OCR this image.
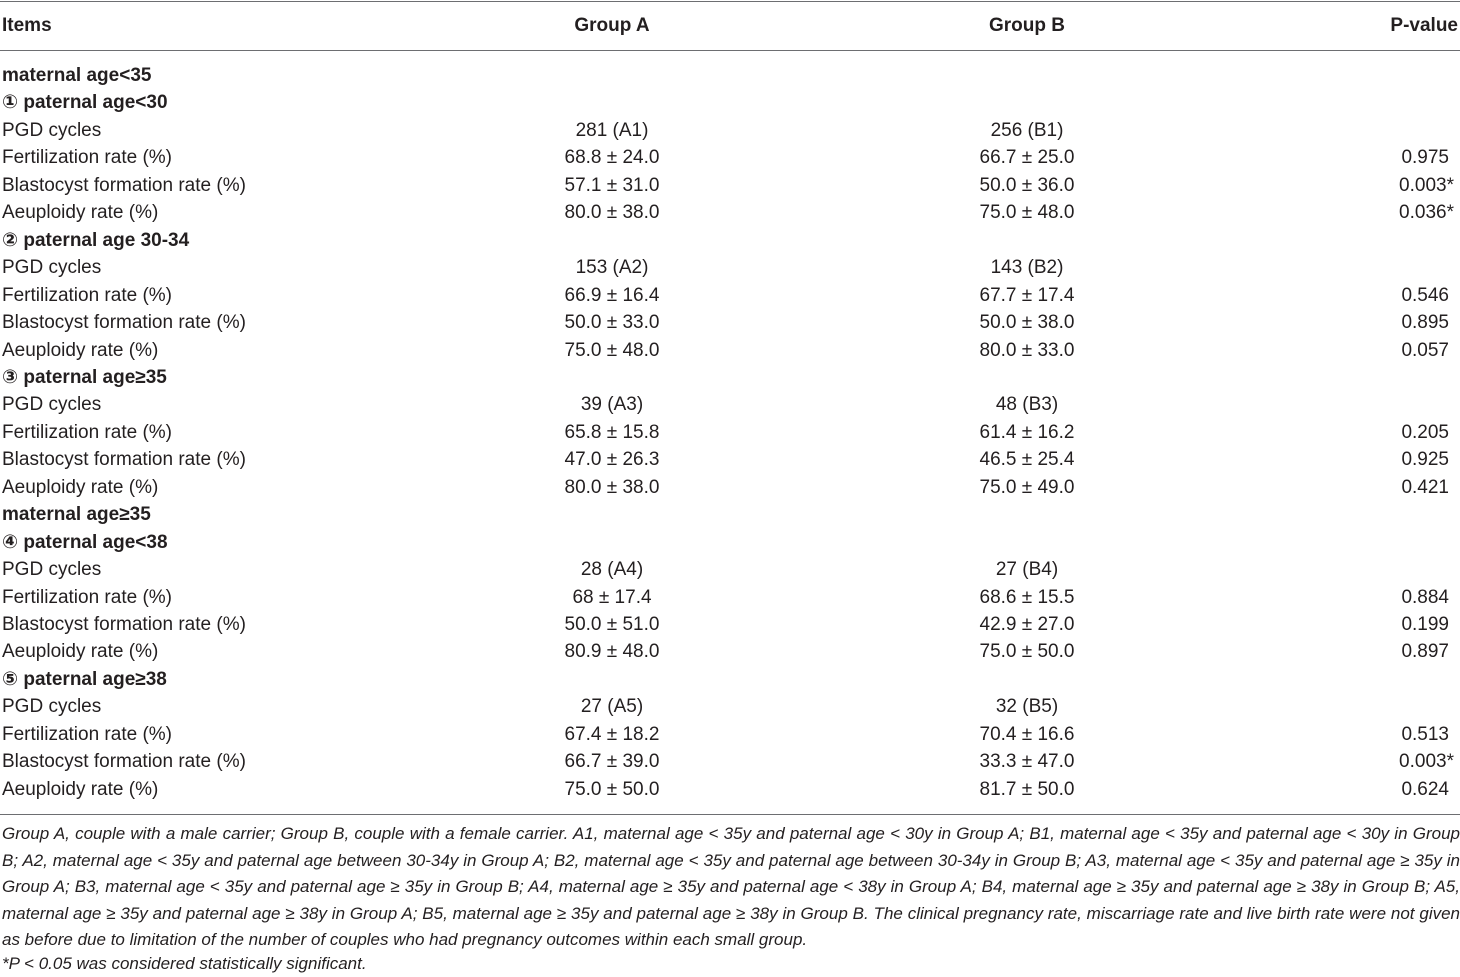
Items	Group A	Group B	P-value
maternal age<35
① paternal age<30
PGD cycles	281 (A1)	256 (B1)
Fertilization rate (%)	68.8 ± 24.0	66.7 ± 25.0	0.975
Blastocyst formation rate (%)	57.1 ± 31.0	50.0 ± 36.0	0.003*
Aeuploidy rate (%)	80.0 ± 38.0	75.0 ± 48.0	0.036*
② paternal age 30-34
PGD cycles	153 (A2)	143 (B2)
Fertilization rate (%)	66.9 ± 16.4	67.7 ± 17.4	0.546
Blastocyst formation rate (%)	50.0 ± 33.0	50.0 ± 38.0	0.895
Aeuploidy rate (%)	75.0 ± 48.0	80.0 ± 33.0	0.057
③ paternal age≥35
PGD cycles	39 (A3)	48 (B3)
Fertilization rate (%)	65.8 ± 15.8	61.4 ± 16.2	0.205
Blastocyst formation rate (%)	47.0 ± 26.3	46.5 ± 25.4	0.925
Aeuploidy rate (%)	80.0 ± 38.0	75.0 ± 49.0	0.421
maternal age≥35
④ paternal age<38
PGD cycles	28 (A4)	27 (B4)
Fertilization rate (%)	68 ± 17.4	68.6 ± 15.5	0.884
Blastocyst formation rate (%)	50.0 ± 51.0	42.9 ± 27.0	0.199
Aeuploidy rate (%)	80.9 ± 48.0	75.0 ± 50.0	0.897
⑤ paternal age≥38
PGD cycles	27 (A5)	32 (B5)
Fertilization rate (%)	67.4 ± 18.2	70.4 ± 16.6	0.513
Blastocyst formation rate (%)	66.7 ± 39.0	33.3 ± 47.0	0.003*
Aeuploidy rate (%)	75.0 ± 50.0	81.7 ± 50.0	0.624
Group A, couple with a male carrier; Group B, couple with a female carrier. A1, maternal age < 35y and paternal age < 30y in Group A; B1, maternal age < 35y and paternal age < 30y in Group B; A2, maternal age < 35y and paternal age between 30-34y in Group A; B2, maternal age < 35y and paternal age between 30-34y in Group B; A3, maternal age < 35y and paternal age ≥ 35y in Group A; B3, maternal age < 35y and paternal age ≥ 35y in Group B; A4, maternal age ≥ 35y and paternal age < 38y in Group A; B4, maternal age ≥ 35y and paternal age ≥ 38y in Group B; A5, maternal age ≥ 35y and paternal age ≥ 38y in Group A; B5, maternal age ≥ 35y and paternal age ≥ 38y in Group B. The clinical pregnancy rate, miscarriage rate and live birth rate were not given as before due to limitation of the number of couples who had pregnancy outcomes within each small group.
*P < 0.05 was considered statistically significant.
